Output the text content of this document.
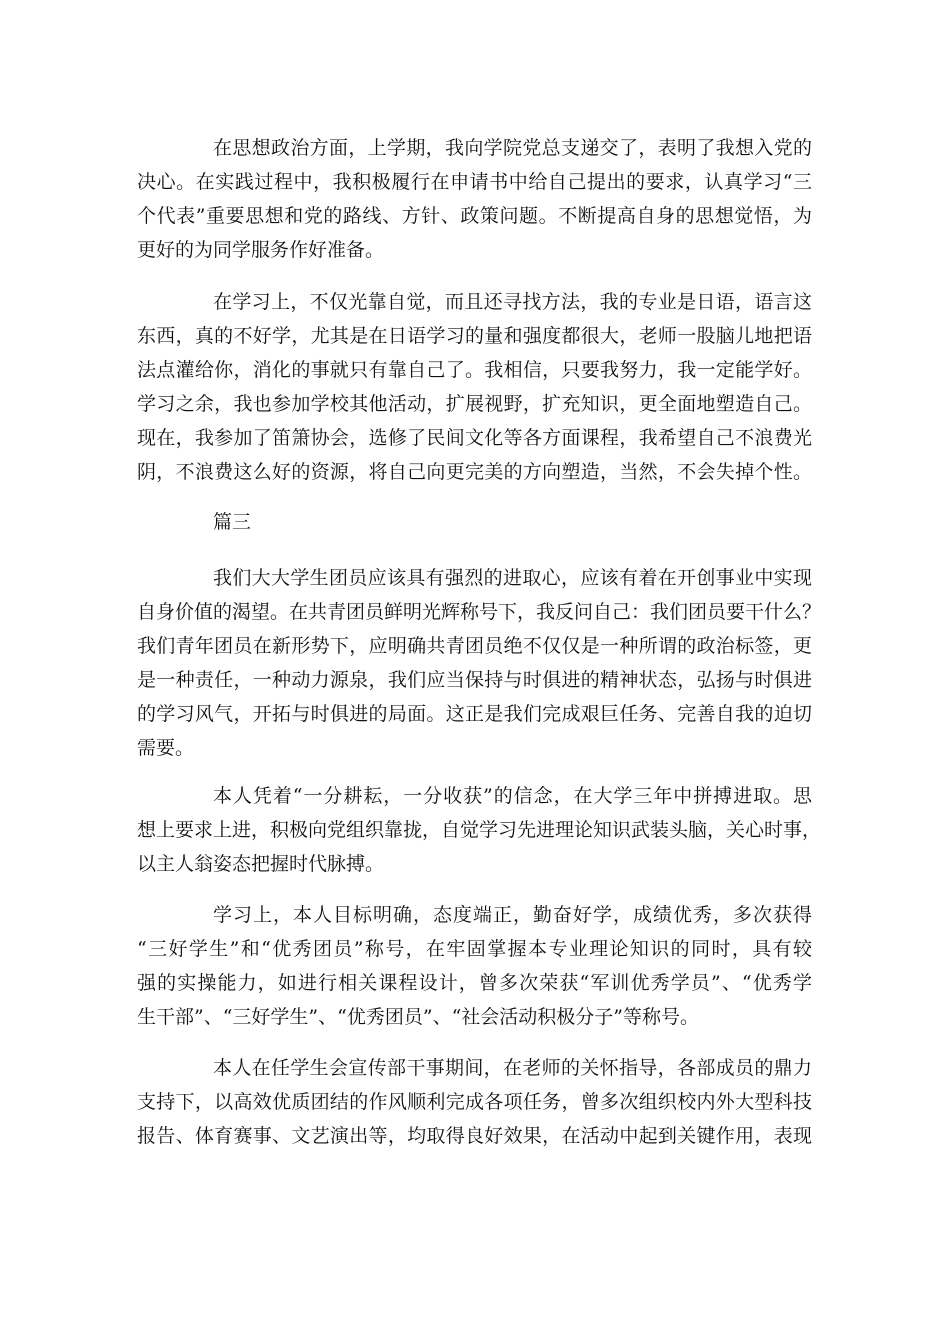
在思想政治方面，上学期，我向学院党总支递交了，表明了我想入党的
决心。在实践过程中，我积极履行在申请书中给自己提出的要求，认真学习“三
个代表”重要思想和党的路线、方针、政策问题。不断提高自身的思想觉悟，为
更好的为同学服务作好准备。
在学习上，不仅光靠自觉，而且还寻找方法，我的专业是日语，语言这
东西，真的不好学，尤其是在日语学习的量和强度都很大，老师一股脑儿地把语
法点灌给你，消化的事就只有靠自己了。我相信，只要我努力，我一定能学好。
学习之余，我也参加学校其他活动，扩展视野，扩充知识，更全面地塑造自己。
现在，我参加了笛箫协会，选修了民间文化等各方面课程，我希望自己不浪费光
阴，不浪费这么好的资源，将自己向更完美的方向塑造，当然，不会失掉个性。
篇三
我们大大学生团员应该具有强烈的进取心，应该有着在开创事业中实现
自身价值的渴望。在共青团员鲜明光辉称号下，我反问自己：我们团员要干什么？
我们青年团员在新形势下，应明确共青团员绝不仅仅是一种所谓的政治标签，更
是一种责任，一种动力源泉，我们应当保持与时俱进的精神状态，弘扬与时俱进
的学习风气，开拓与时俱进的局面。这正是我们完成艰巨任务、完善自我的迫切
需要。
本人凭着“一分耕耘，一分收获”的信念，在大学三年中拼搏进取。思
想上要求上进，积极向党组织靠拢，自觉学习先进理论知识武装头脑，关心时事，
以主人翁姿态把握时代脉搏。
学习上，本人目标明确，态度端正，勤奋好学，成绩优秀，多次获得
“三好学生”和“优秀团员”称号，在牢固掌握本专业理论知识的同时，具有较
强的实操能力，如进行相关课程设计，曾多次荣获“军训优秀学员”、“优秀学
生干部”、“三好学生”、“优秀团员”、“社会活动积极分子”等称号。
本人在任学生会宣传部干事期间，在老师的关怀指导，各部成员的鼎力
支持下，以高效优质团结的作风顺利完成各项任务，曾多次组织校内外大型科技
报告、体育赛事、文艺演出等，均取得良好效果，在活动中起到关键作用，表现
